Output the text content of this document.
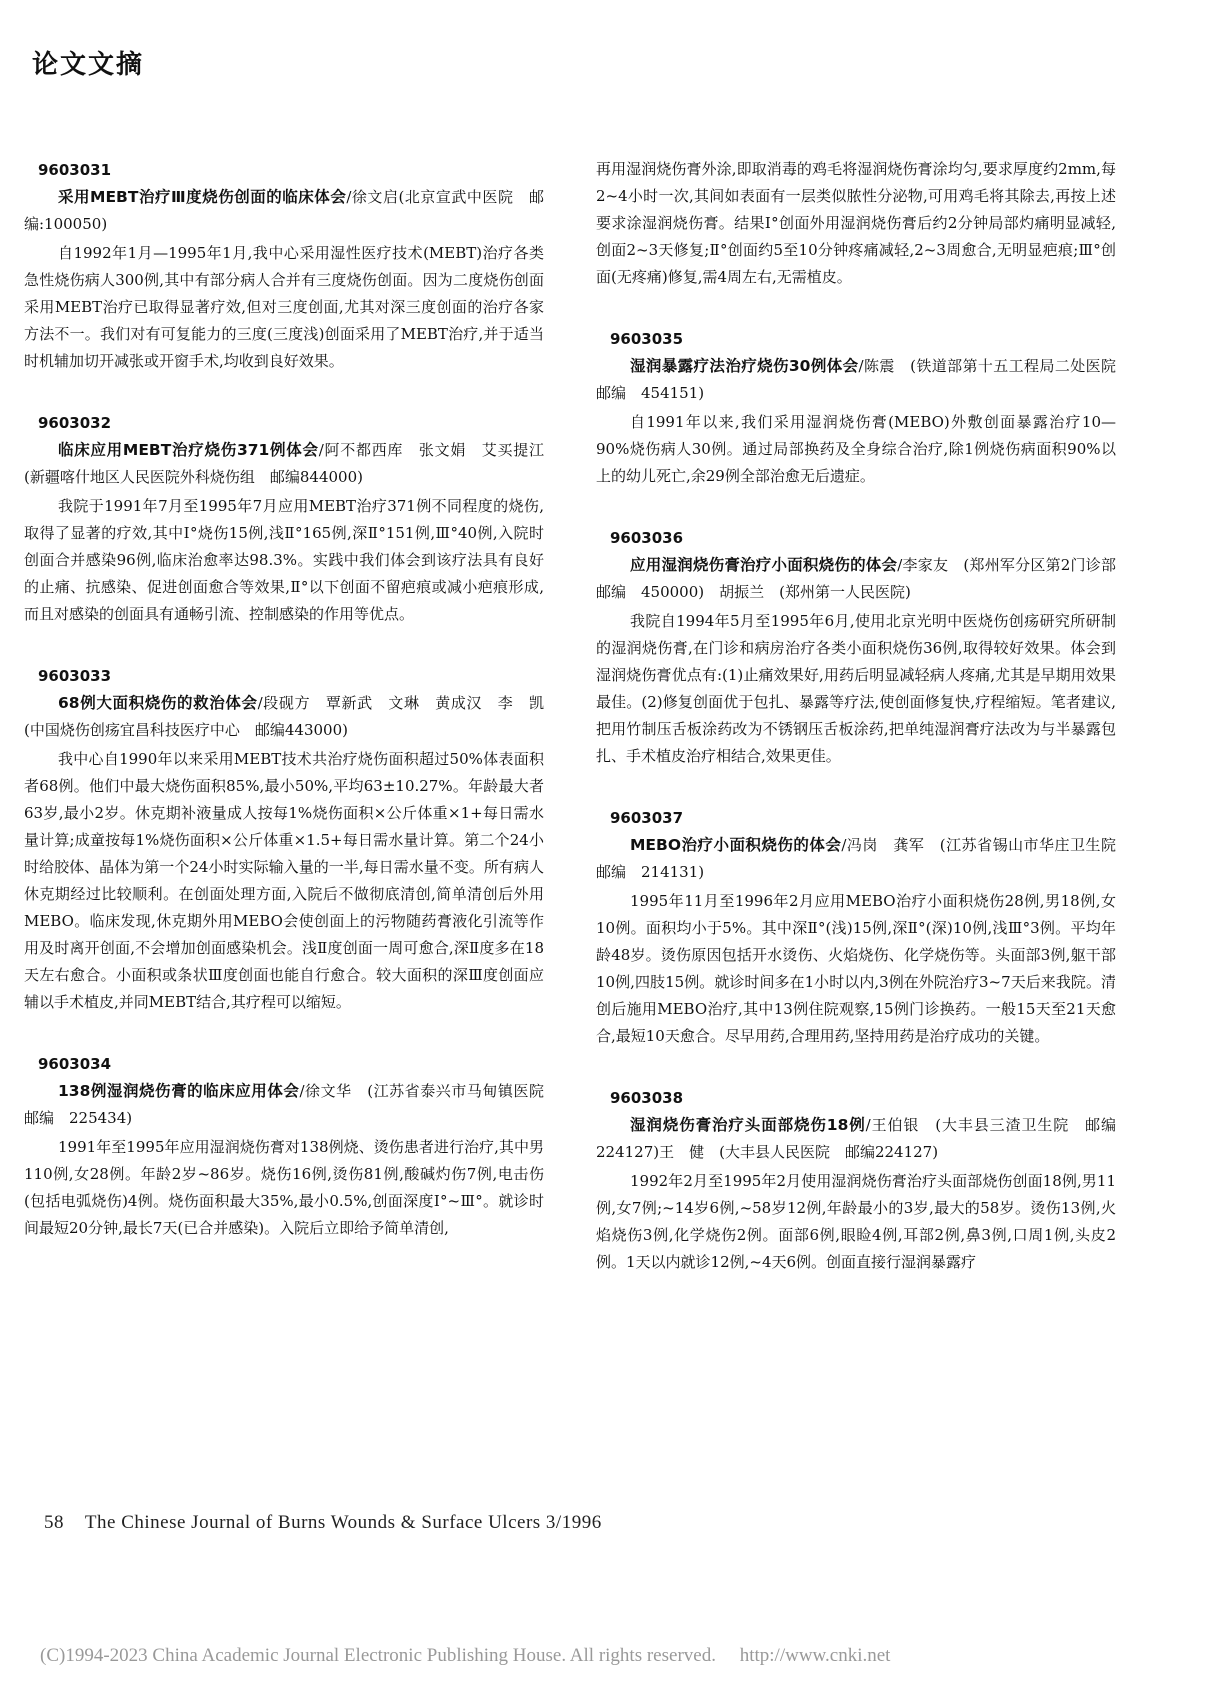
论文文摘
9603031

采用MEBT治疗Ⅲ度烧伤创面的临床体会/徐文启(北京宣武中医院　邮编:100050)

自1992年1月—1995年1月,我中心采用湿性医疗技术(MEBT)治疗各类急性烧伤病人300例,其中有部分病人合并有三度烧伤创面。因为二度烧伤创面采用MEBT治疗已取得显著疗效,但对三度创面,尤其对深三度创面的治疗各家方法不一。我们对有可复能力的三度(三度浅)创面采用了MEBT治疗,并于适当时机辅加切开减张或开窗手术,均收到良好效果。

9603032

临床应用MEBT治疗烧伤371例体会/阿不都西库　张文娟　艾买提江　(新疆喀什地区人民医院外科烧伤组　邮编844000)

我院于1991年7月至1995年7月应用MEBT治疗371例不同程度的烧伤,取得了显著的疗效,其中Ⅰ°烧伤15例,浅Ⅱ°165例,深Ⅱ°151例,Ⅲ°40例,入院时创面合并感染96例,临床治愈率达98.3%。实践中我们体会到该疗法具有良好的止痛、抗感染、促进创面愈合等效果,Ⅱ°以下创面不留疤痕或减小疤痕形成,而且对感染的创面具有通畅引流、控制感染的作用等优点。

9603033

68例大面积烧伤的救治体会/段砚方　覃新武　文琳　黄成汉　李　凯　(中国烧伤创疡宜昌科技医疗中心　邮编443000)

我中心自1990年以来采用MEBT技术共治疗烧伤面积超过50%体表面积者68例。他们中最大烧伤面积85%,最小50%,平均63±10.27%。年龄最大者63岁,最小2岁。休克期补液量成人按每1%烧伤面积×公斤体重×1+每日需水量计算;成童按每1%烧伤面积×公斤体重×1.5+每日需水量计算。第二个24小时给胶体、晶体为第一个24小时实际输入量的一半,每日需水量不变。所有病人休克期经过比较顺利。在创面处理方面,入院后不做彻底清创,简单清创后外用MEBO。临床发现,休克期外用MEBO会使创面上的污物随药膏液化引流等作用及时离开创面,不会增加创面感染机会。浅Ⅱ度创面一周可愈合,深Ⅱ度多在18天左右愈合。小面积或条状Ⅲ度创面也能自行愈合。较大面积的深Ⅲ度创面应辅以手术植皮,并同MEBT结合,其疗程可以缩短。

9603034

138例湿润烧伤膏的临床应用体会/徐文华　(江苏省泰兴市马甸镇医院　邮编　225434)

1991年至1995年应用湿润烧伤膏对138例烧、烫伤患者进行治疗,其中男110例,女28例。年龄2岁~86岁。烧伤16例,烫伤81例,酸碱灼伤7例,电击伤(包括电弧烧伤)4例。烧伤面积最大35%,最小0.5%,创面深度Ⅰ°~Ⅲ°。就诊时间最短20分钟,最长7天(已合并感染)。入院后立即给予简单清创,

再用湿润烧伤膏外涂,即取消毒的鸡毛将湿润烧伤膏涂均匀,要求厚度约2mm,每2~4小时一次,其间如表面有一层类似脓性分泌物,可用鸡毛将其除去,再按上述要求涂湿润烧伤膏。结果Ⅰ°创面外用湿润烧伤膏后约2分钟局部灼痛明显减轻,创面2~3天修复;Ⅱ°创面约5至10分钟疼痛减轻,2~3周愈合,无明显疤痕;Ⅲ°创面(无疼痛)修复,需4周左右,无需植皮。

9603035

湿润暴露疗法治疗烧伤30例体会/陈震　(铁道部第十五工程局二处医院　邮编　454151)

自1991年以来,我们采用湿润烧伤膏(MEBO)外敷创面暴露治疗10—90%烧伤病人30例。通过局部换药及全身综合治疗,除1例烧伤病面积90%以上的幼儿死亡,余29例全部治愈无后遗症。

9603036

应用湿润烧伤膏治疗小面积烧伤的体会/李家友　(郑州军分区第2门诊部　邮编　450000)　胡振兰　(郑州第一人民医院)

我院自1994年5月至1995年6月,使用北京光明中医烧伤创疡研究所研制的湿润烧伤膏,在门诊和病房治疗各类小面积烧伤36例,取得较好效果。体会到湿润烧伤膏优点有:(1)止痛效果好,用药后明显减轻病人疼痛,尤其是早期用效果最佳。(2)修复创面优于包扎、暴露等疗法,使创面修复快,疗程缩短。笔者建议,把用竹制压舌板涂药改为不锈钢压舌板涂药,把单纯湿润膏疗法改为与半暴露包扎、手术植皮治疗相结合,效果更佳。

9603037

MEBO治疗小面积烧伤的体会/冯岗　龚军　(江苏省锡山市华庄卫生院　邮编　214131)

1995年11月至1996年2月应用MEBO治疗小面积烧伤28例,男18例,女10例。面积均小于5%。其中深Ⅱ°(浅)15例,深Ⅱ°(深)10例,浅Ⅲ°3例。平均年龄48岁。烫伤原因包括开水烫伤、火焰烧伤、化学烧伤等。头面部3例,躯干部10例,四肢15例。就诊时间多在1小时以内,3例在外院治疗3~7天后来我院。清创后施用MEBO治疗,其中13例住院观察,15例门诊换药。一般15天至21天愈合,最短10天愈合。尽早用药,合理用药,坚持用药是治疗成功的关键。

9603038

湿润烧伤膏治疗头面部烧伤18例/王伯银　(大丰县三渣卫生院　邮编　224127)王　健　(大丰县人民医院　邮编224127)

1992年2月至1995年2月使用湿润烧伤膏治疗头面部烧伤创面18例,男11例,女7例;~14岁6例,~58岁12例,年龄最小的3岁,最大的58岁。烫伤13例,火焰烧伤3例,化学烧伤2例。面部6例,眼睑4例,耳部2例,鼻3例,口周1例,头皮2例。1天以内就诊12例,~4天6例。创面直接行湿润暴露疗

58 The Chinese Journal of Burns Wounds & Surface Ulcers 3/1996
(C)1994-2023 China Academic Journal Electronic Publishing House. All rights reserved.　 http://www.cnki.net
